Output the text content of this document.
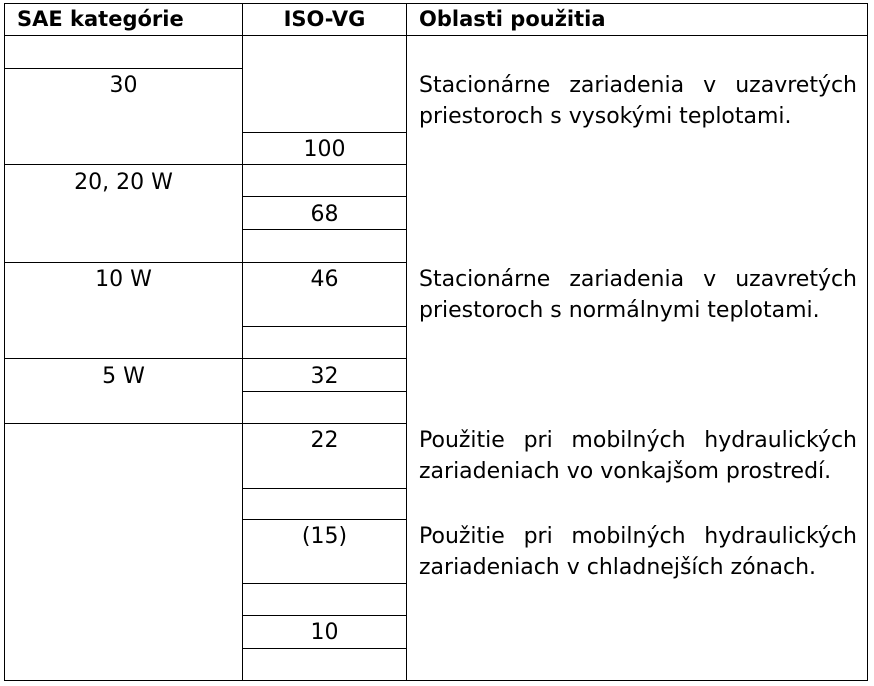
SAE kategórie	ISO-VG	Oblasti použitia
30
20, 20 W
10 W
5 W
100
68
46
32
22
(15)
10
Stacionárne zariadenia v uzavretých
priestoroch s vysokými teplotami.
Stacionárne zariadenia v uzavretých
priestoroch s normálnymi teplotami.
Použitie pri mobilných hydraulických
zariadeniach vo vonkajšom prostredí.
Použitie pri mobilných hydraulických
zariadeniach v chladnejších zónach.
